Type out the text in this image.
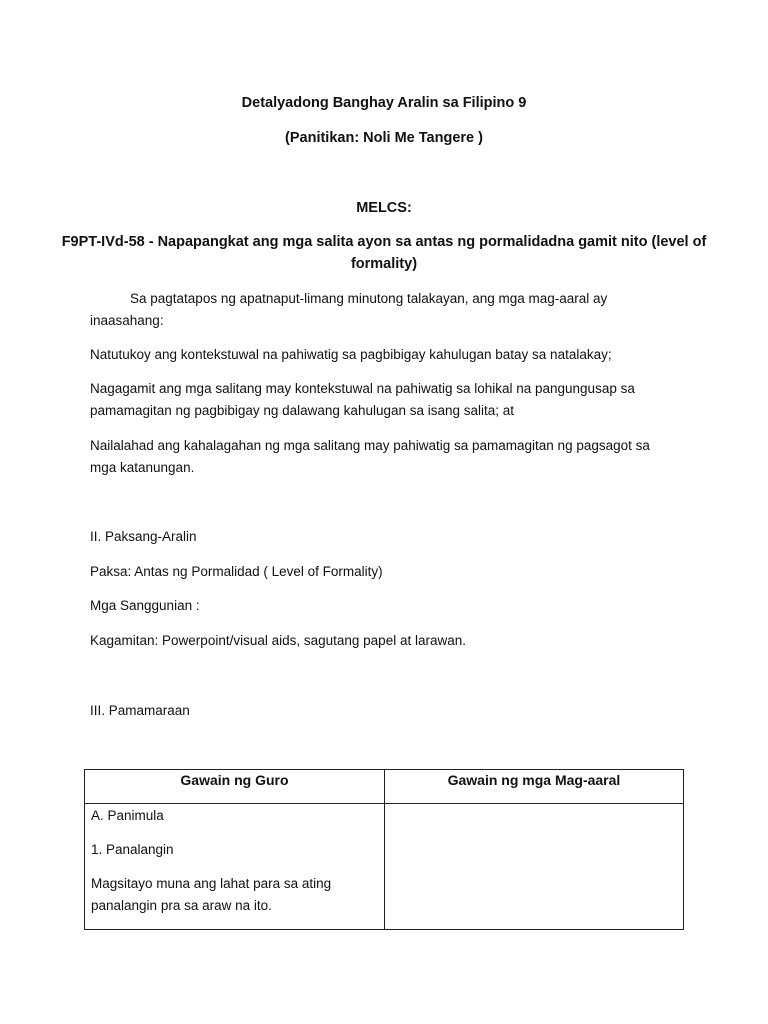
Detalyadong Banghay Aralin sa Filipino 9
(Panitikan: Noli Me Tangere )
MELCS:
F9PT-IVd-58 - Napapangkat ang mga salita ayon sa antas ng pormalidadna gamit nito (level of
formality)
Sa pagtatapos ng apatnaput-limang minutong talakayan, ang mga mag-aaral ay inaasahang:
Natutukoy ang kontekstuwal na pahiwatig sa pagbibigay kahulugan batay sa natalakay;
Nagagamit ang mga salitang may kontekstuwal na pahiwatig sa lohikal na pangungusap sa pamamagitan ng pagbibigay ng dalawang kahulugan sa isang salita; at
Nailalahad ang kahalagahan ng mga salitang may pahiwatig sa pamamagitan ng pagsagot sa mga katanungan.
II. Paksang-Aralin
Paksa: Antas ng Pormalidad ( Level of Formality)
Mga Sanggunian :
Kagamitan: Powerpoint/visual aids, sagutang papel at larawan.
III. Pamamaraan
Gawain ng Guro	Gawain ng mga Mag-aaral

A. Panimula

1. Panalangin

Magsitayo muna ang lahat para sa ating panalangin pra sa araw na ito.	
